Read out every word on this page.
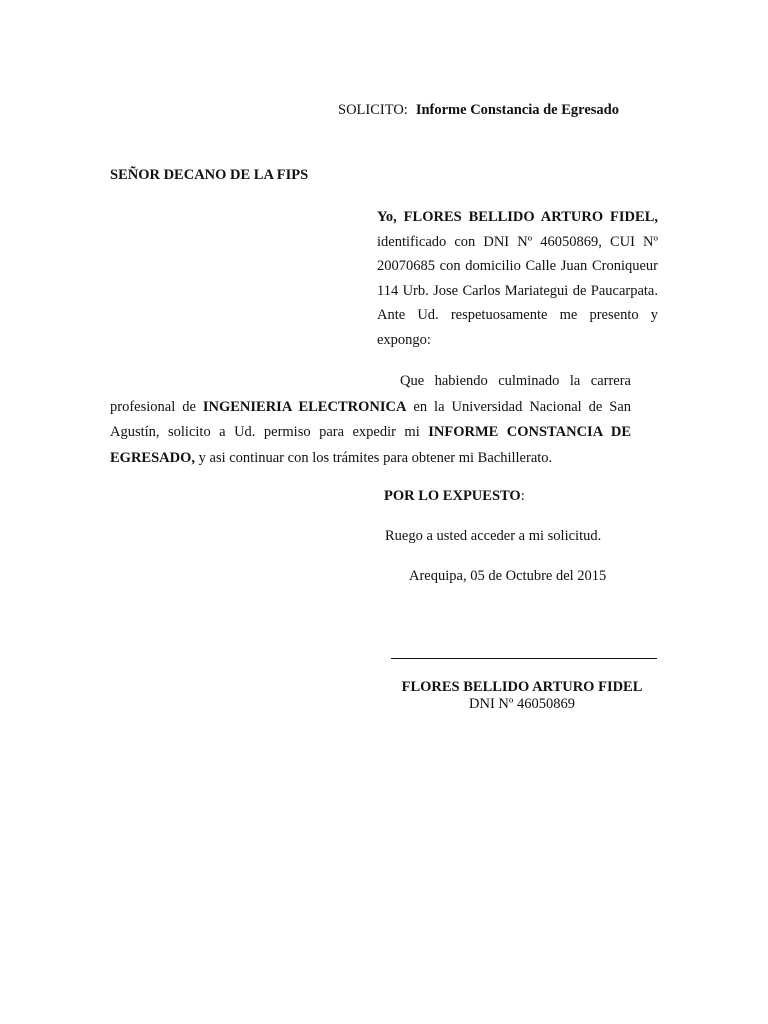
SOLICITO: Informe Constancia de Egresado
SEÑOR DECANO DE LA FIPS
Yo, FLORES BELLIDO ARTURO FIDEL, identificado con DNI Nº 46050869, CUI Nº 20070685 con domicilio Calle Juan Croniqueur 114 Urb. Jose Carlos Mariategui de Paucarpata. Ante Ud. respetuosamente me presento y expongo:
Que habiendo culminado la carrera profesional de INGENIERIA ELECTRONICA en la Universidad Nacional de San Agustín, solicito a Ud. permiso para expedir mi INFORME CONSTANCIA DE EGRESADO, y asi continuar con los trámites para obtener mi Bachillerato.
POR LO EXPUESTO:
Ruego a usted acceder a mi solicitud.
Arequipa, 05 de Octubre del 2015
FLORES BELLIDO ARTURO FIDEL
DNI Nº 46050869
